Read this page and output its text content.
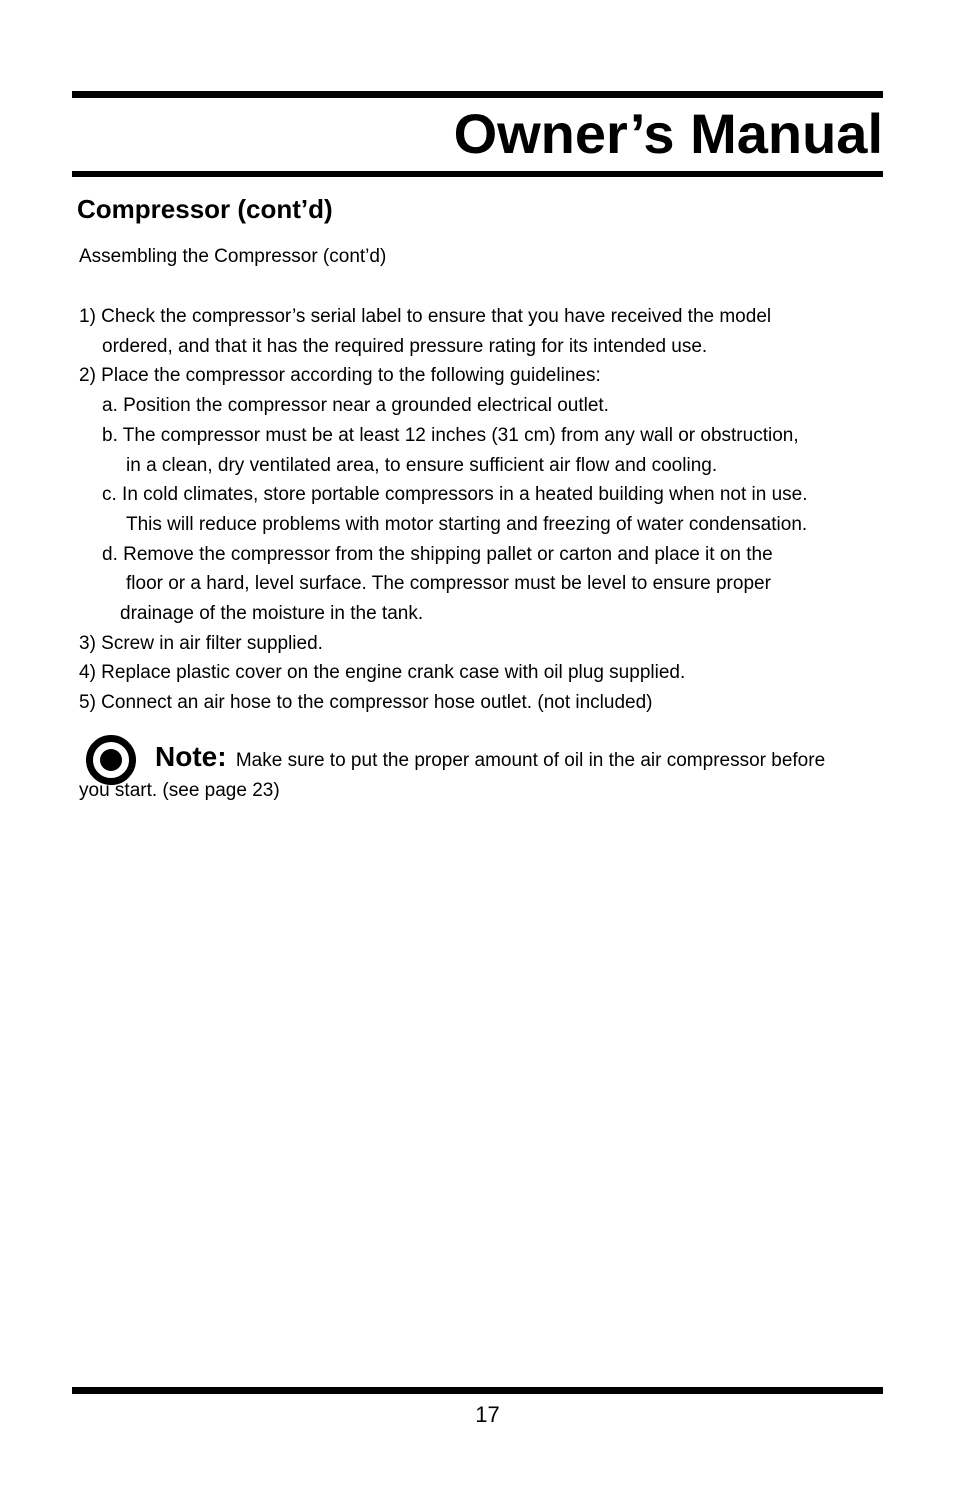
Owner’s Manual
Compressor (cont’d)
Assembling the Compressor (cont’d)
1) Check the compressor’s serial label to ensure that you have received the model
ordered, and that it has the required pressure rating for its intended use.
2) Place the compressor according to the following guidelines:
a. Position the compressor near a grounded electrical outlet.
b. The compressor must be at least 12 inches (31 cm) from any wall or obstruction,
in a clean, dry ventilated area, to ensure sufficient air flow and cooling.
c. In cold climates, store portable compressors in a heated building when not in use.
This will reduce problems with motor starting and freezing of water condensation.
d. Remove the compressor from the shipping pallet or carton and place it on the
floor or a hard, level surface. The compressor must be level to ensure proper
drainage of the moisture in the tank.
3) Screw in air filter supplied.
4) Replace plastic cover on the engine crank case with oil plug supplied.
5) Connect an air hose to the compressor hose outlet. (not included)
Note: Make sure to put the proper amount of oil in the air compressor before
you start. (see page 23)
17
